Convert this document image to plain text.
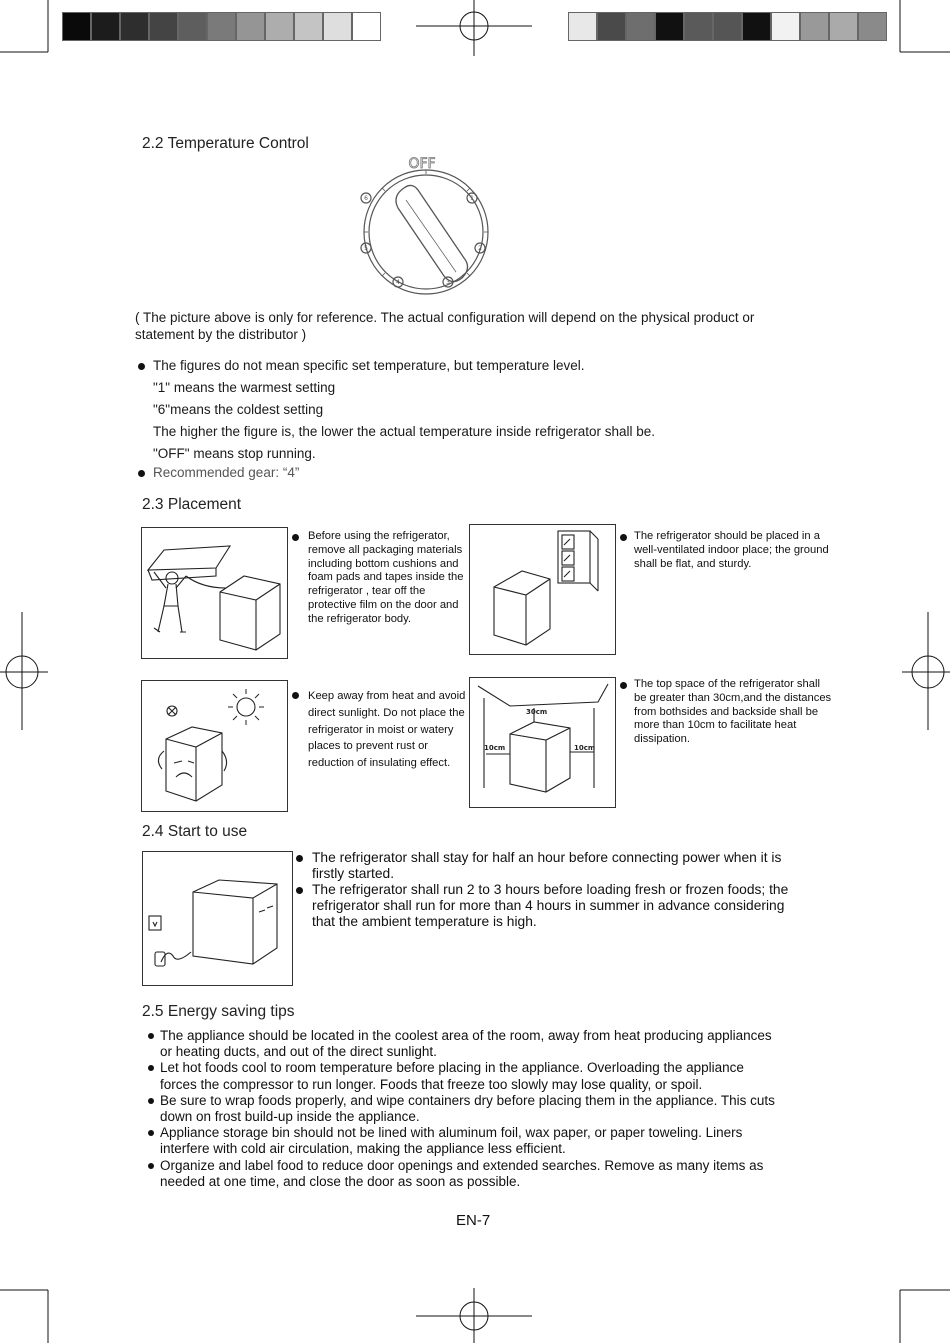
2.2 Temperature Control
1
2
3
4
5
6
OFF
( The picture above is only for reference. The actual configuration will depend on the physical product or statement by the distributor )
The figures do not mean specific set temperature, but temperature level.
"1" means the warmest setting
"6"means the coldest setting
The higher the figure is, the lower the actual temperature inside refrigerator shall be.
"OFF" means stop running.
Recommended gear: “4”
2.3 Placement
Before using the refrigerator, remove all packaging materials including bottom cushions and foam pads and tapes inside the refrigerator , tear off the protective film on the door and the refrigerator body.
The refrigerator should be placed in a well-ventilated indoor place; the ground shall be flat, and sturdy.
Keep away from heat and avoid direct sunlight. Do not place the refrigerator in moist or watery places to prevent rust or reduction of insulating effect.
30cm
10cm	10cm
The top space of the refrigerator shall be greater than 30cm,and the distances from bothsides and backside shall be more than 10cm to facilitate heat dissipation.
2.4 Start to use
The refrigerator shall stay for half an hour before connecting power when it is firstly started.
The refrigerator shall run 2 to 3 hours before loading fresh or frozen foods; the refrigerator shall run for more than 4 hours in summer in advance considering that the ambient temperature is high.
2.5 Energy saving tips
The appliance should be located in the coolest area of the room, away from heat producing appliances or heating ducts, and out of the direct sunlight.
Let hot foods cool to room temperature before placing in the appliance. Overloading the appliance forces the compressor to run longer. Foods that freeze too slowly may lose quality, or spoil.
Be sure to wrap foods properly, and wipe containers dry before placing them in the appliance. This cuts down on frost build-up inside the appliance.
Appliance storage bin should not be lined with aluminum foil, wax paper, or paper toweling. Liners interfere with cold air circulation, making the appliance less efficient.
Organize and label food to reduce door openings and extended searches. Remove as many items as needed at one time, and close the door as soon as possible.
EN-7
